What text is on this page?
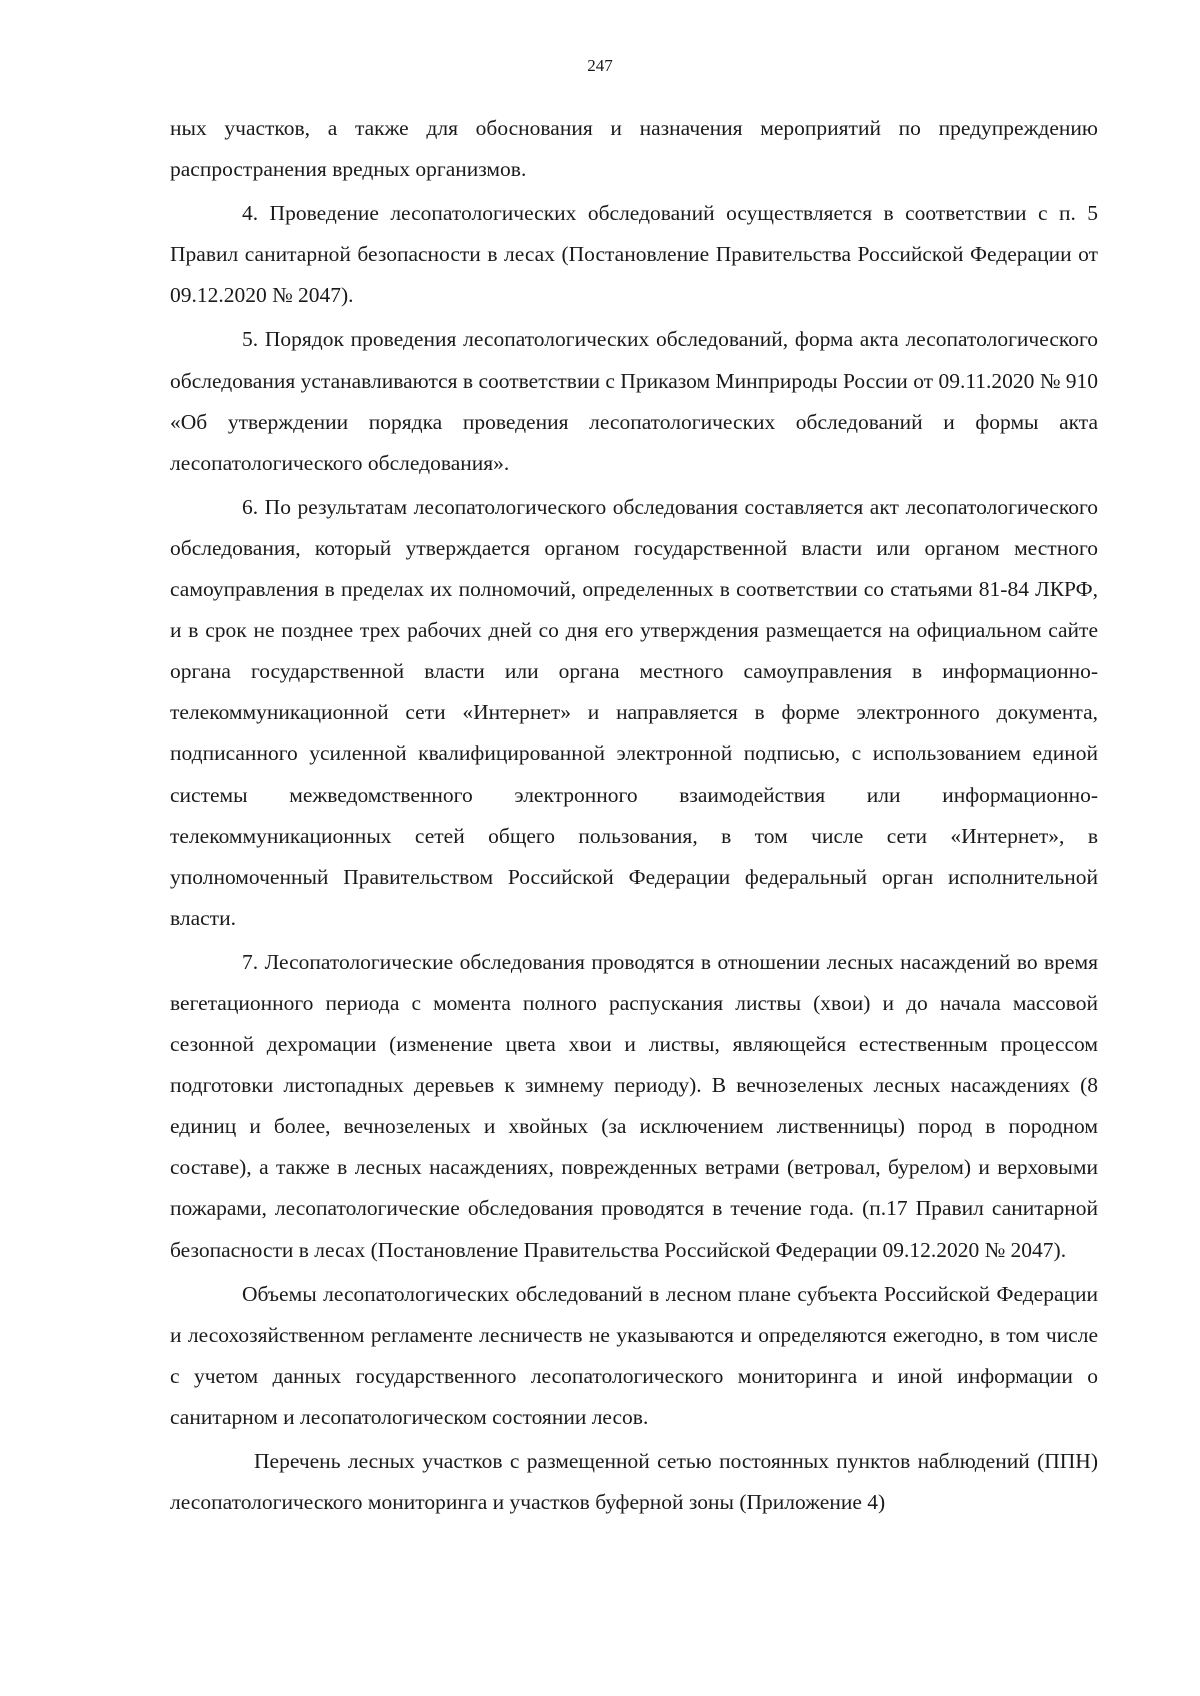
247

ных участков, а также для обоснования и назначения мероприятий по предупреждению распространения вредных организмов.

4. Проведение лесопатологических обследований осуществляется в соответствии с п. 5 Правил санитарной безопасности в лесах (Постановление Правительства Российской Федерации от 09.12.2020 № 2047).

5. Порядок проведения лесопатологических обследований, форма акта лесопатологического обследования устанавливаются в соответствии с Приказом Минприроды России от 09.11.2020 № 910 «Об утверждении порядка проведения лесопатологических обследований и формы акта лесопатологического обследования».

6. По результатам лесопатологического обследования составляется акт лесопатологического обследования, который утверждается органом государственной власти или органом местного самоуправления в пределах их полномочий, определенных в соответствии со статьями 81-84 ЛКРФ, и в срок не позднее трех рабочих дней со дня его утверждения размещается на официальном сайте органа государственной власти или органа местного самоуправления в информационно-телекоммуникационной сети «Интернет» и направляется в форме электронного документа, подписанного усиленной квалифицированной электронной подписью, с использованием единой системы межведомственного электронного взаимодействия или информационно-телекоммуникационных сетей общего пользования, в том числе сети «Интернет», в уполномоченный Правительством Российской Федерации федеральный орган исполнительной власти.

7. Лесопатологические обследования проводятся в отношении лесных насаждений во время вегетационного периода с момента полного распускания листвы (хвои) и до начала массовой сезонной дехромации (изменение цвета хвои и листвы, являющейся естественным процессом подготовки листопадных деревьев к зимнему периоду). В вечнозеленых лесных насаждениях (8 единиц и более, вечнозеленых и хвойных (за исключением лиственницы) пород в породном составе), а также в лесных насаждениях, поврежденных ветрами (ветровал, бурелом) и верховыми пожарами, лесопатологические обследования проводятся в течение года. (п.17 Правил санитарной безопасности в лесах (Постановление Правительства Российской Федерации 09.12.2020 № 2047).

Объемы лесопатологических обследований в лесном плане субъекта Российской Федерации и лесохозяйственном регламенте лесничеств не указываются и определяются ежегодно, в том числе с учетом данных государственного лесопатологического мониторинга и иной информации о санитарном и лесопатологическом состоянии лесов.

Перечень лесных участков с размещенной сетью постоянных пунктов наблюдений (ППН) лесопатологического мониторинга и участков буферной зоны (Приложение 4)
